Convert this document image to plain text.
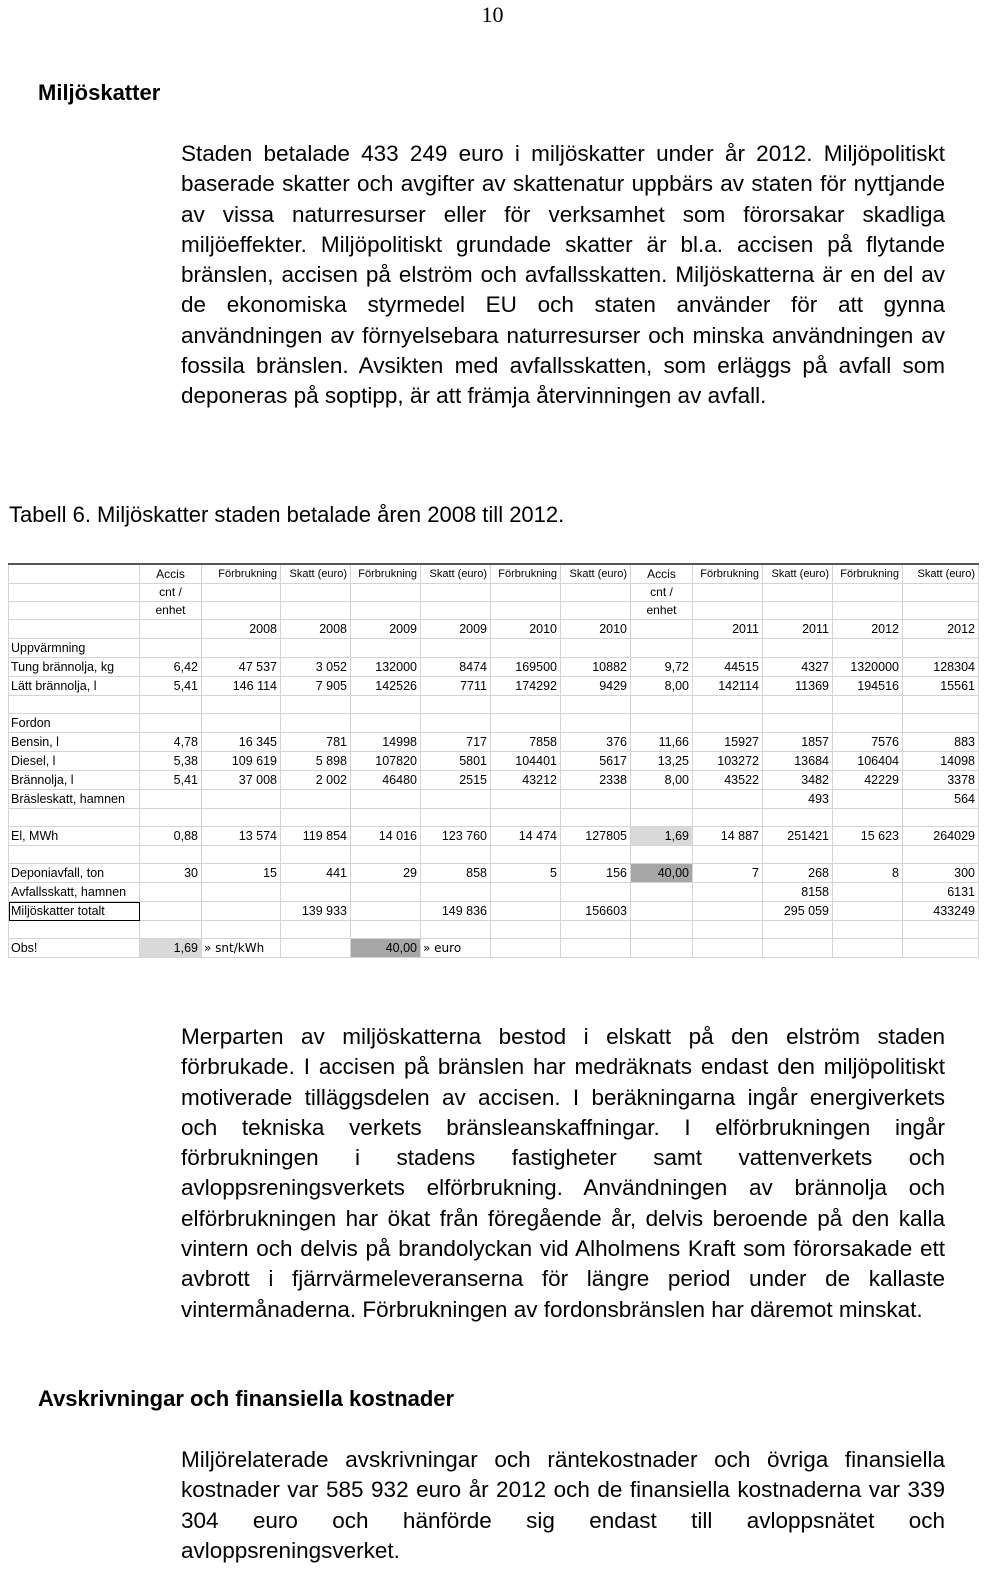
10
Miljöskatter
Staden betalade 433 249 euro i miljöskatter under år 2012. Miljöpolitiskt baserade skatter och avgifter av skattenatur uppbärs av staten för nyttjande av vissa naturresurser eller för verksamhet som förorsakar skadliga miljöeffekter. Miljöpolitiskt grundade skatter är bl.a. accisen på flytande bränslen, accisen på elström och avfallsskatten. Miljöskatterna är en del av de ekonomiska styrmedel EU och staten använder för att gynna användningen av förnyelsebara naturresurser och minska användningen av fossila bränslen. Avsikten med avfallsskatten, som erläggs på avfall som deponeras på soptipp, är att främja återvinningen av avfall.
Tabell 6. Miljöskatter staden betalade åren 2008 till 2012.
	Accis	Förbrukning	Skatt (euro)	Förbrukning	Skatt (euro)	Förbrukning	Skatt (euro)	Accis	Förbrukning	Skatt (euro)	Förbrukning	Skatt (euro)
	cnt /							cnt /				
	enhet							enhet				
		2008	2008	2009	2009	2010	2010		2011	2011	2012	2012
Uppvärmning												
Tung brännolja, kg	6,42	47 537	3 052	132000	8474	169500	10882	9,72	44515	4327	1320000	128304
Lätt brännolja, l	5,41	146 114	7 905	142526	7711	174292	9429	8,00	142114	11369	194516	15561

Fordon												
Bensin, l	4,78	16 345	781	14998	717	7858	376	11,66	15927	1857	7576	883
Diesel, l	5,38	109 619	5 898	107820	5801	104401	5617	13,25	103272	13684	106404	14098
Brännolja, l	5,41	37 008	2 002	46480	2515	43212	2338	8,00	43522	3482	42229	3378
Bräsleskatt, hamnen										493		564

El, MWh	0,88	13 574	119 854	14 016	123 760	14 474	127805	1,69	14 887	251421	15 623	264029

Deponiavfall, ton	30	15	441	29	858	5	156	40,00	7	268	8	300
Avfallsskatt, hamnen										8158		6131
Miljöskatter totalt			139 933		149 836		156603			295 059		433249

Obs!	1,69	» snt/kWh		40,00	» euro							
Merparten av miljöskatterna bestod i elskatt på den elström staden förbrukade. I accisen på bränslen har medräknats endast den miljöpolitiskt motiverade tilläggsdelen av accisen. I beräkningarna ingår energiverkets och tekniska verkets bränsleanskaffningar. I elförbrukningen ingår förbrukningen i stadens fastigheter samt vattenverkets och avloppsreningsverkets elförbrukning. Användningen av brännolja och elförbrukningen har ökat från föregående år, delvis beroende på den kalla vintern och delvis på brandolyckan vid Alholmens Kraft som förorsakade ett avbrott i fjärrvärmeleveranserna för längre period under de kallaste vintermånaderna. Förbrukningen av fordonsbränslen har däremot minskat.
Avskrivningar och finansiella kostnader
Miljörelaterade avskrivningar och räntekostnader och övriga finansiella kostnader var 585 932 euro år 2012 och de finansiella kostnaderna var 339 304 euro och hänförde sig endast till avloppsnätet och avloppsreningsverket.
